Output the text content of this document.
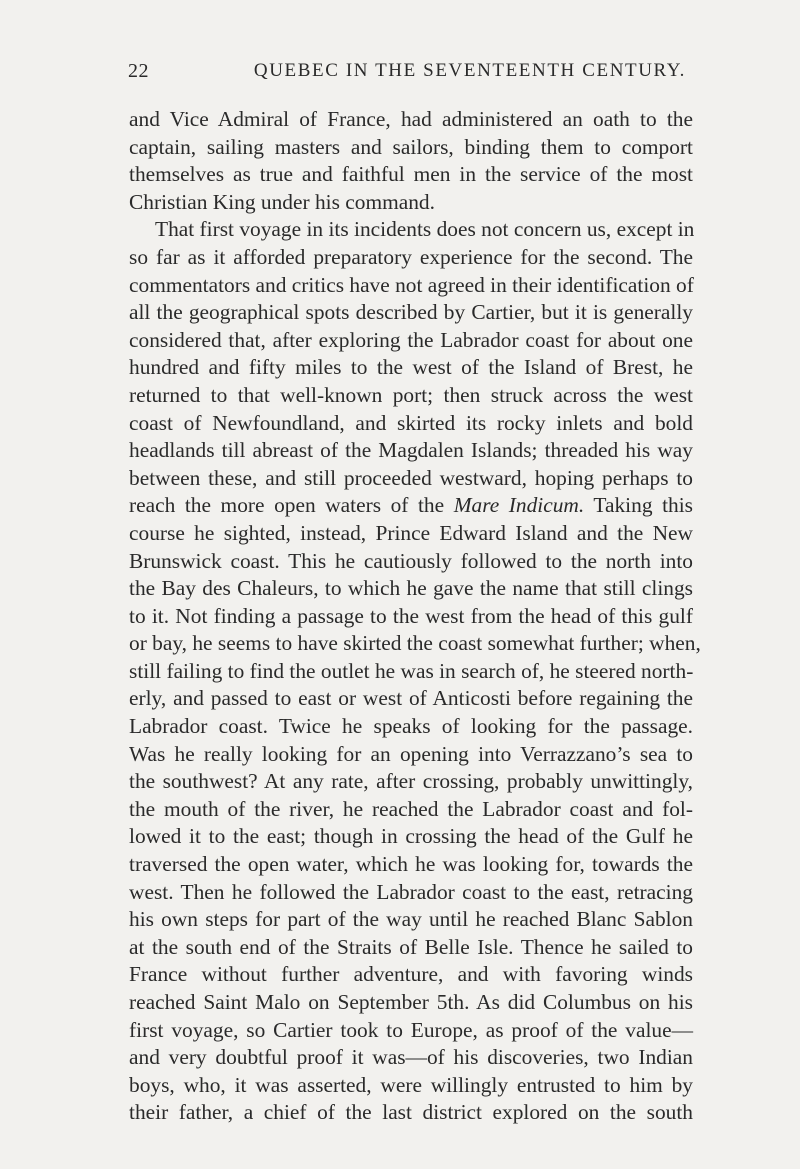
22	QUEBEC IN THE SEVENTEENTH CENTURY.
and Vice Admiral of France, had administered an oath to the
captain, sailing masters and sailors, binding them to comport
themselves as true and faithful men in the service of the most
Christian King under his command.
That first voyage in its incidents does not concern us, except in
so far as it afforded preparatory experience for the second. The
commentators and critics have not agreed in their identification of
all the geographical spots described by Cartier, but it is generally
considered that, after exploring the Labrador coast for about one
hundred and fifty miles to the west of the Island of Brest, he
returned to that well-known port; then struck across the west
coast of Newfoundland, and skirted its rocky inlets and bold
headlands till abreast of the Magdalen Islands; threaded his way
between these, and still proceeded westward, hoping perhaps to
reach the more open waters of the Mare Indicum. Taking this
course he sighted, instead, Prince Edward Island and the New
Brunswick coast. This he cautiously followed to the north into
the Bay des Chaleurs, to which he gave the name that still clings
to it. Not finding a passage to the west from the head of this gulf
or bay, he seems to have skirted the coast somewhat further; when,
still failing to find the outlet he was in search of, he steered north-
erly, and passed to east or west of Anticosti before regaining the
Labrador coast. Twice he speaks of looking for the passage.
Was he really looking for an opening into Verrazzano’s sea to
the southwest? At any rate, after crossing, probably unwittingly,
the mouth of the river, he reached the Labrador coast and fol-
lowed it to the east; though in crossing the head of the Gulf he
traversed the open water, which he was looking for, towards the
west. Then he followed the Labrador coast to the east, retracing
his own steps for part of the way until he reached Blanc Sablon
at the south end of the Straits of Belle Isle. Thence he sailed to
France without further adventure, and with favoring winds
reached Saint Malo on September 5th. As did Columbus on his
first voyage, so Cartier took to Europe, as proof of the value—
and very doubtful proof it was—of his discoveries, two Indian
boys, who, it was asserted, were willingly entrusted to him by
their father, a chief of the last district explored on the south
